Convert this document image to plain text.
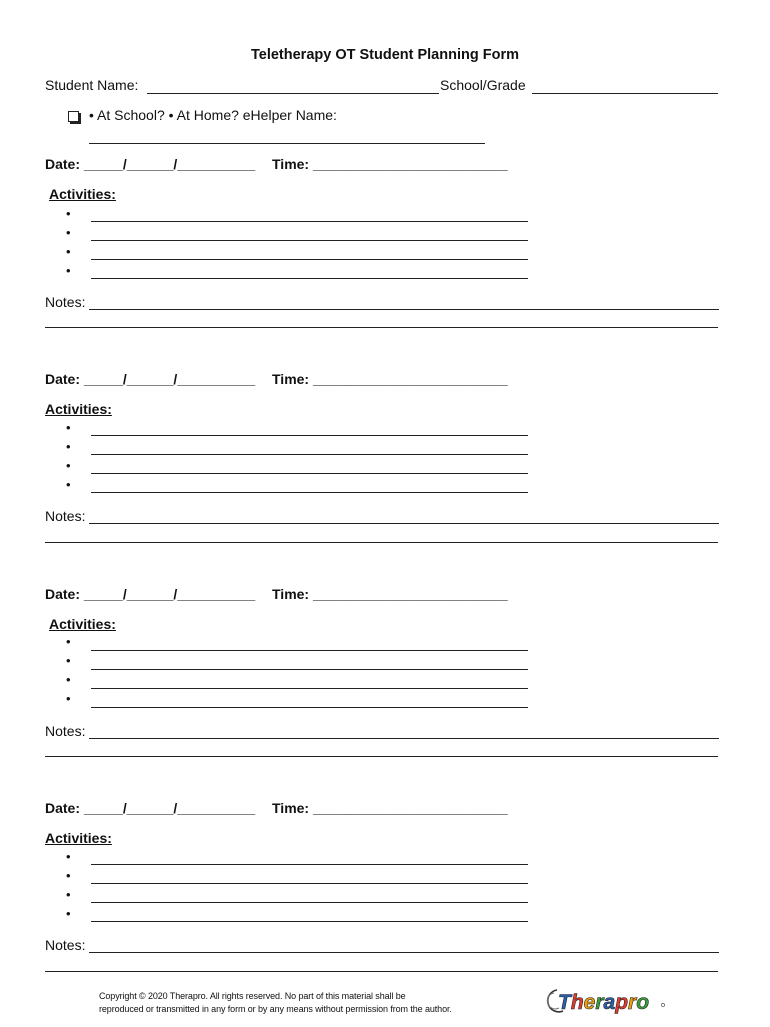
Teletherapy OT Student Planning Form
Student Name:	School/Grade
• At School? • At Home? eHelper Name:
Date: _____/______/__________ Time: _________________________
Activities:
•
•
•
•
Notes:
Date: _____/______/__________ Time: _________________________
Activities:
•
•
•
•
Notes:
Date: _____/______/__________ Time: _________________________
Activities:
•
•
•
•
Notes:
Date: _____/______/__________ Time: _________________________
Activities:
•
•
•
•
Notes:
Copyright © 2020 Therapro. All rights reserved. No part of this material shall be
reproduced or transmitted in any form or by any means without permission from the author.	Therapro
